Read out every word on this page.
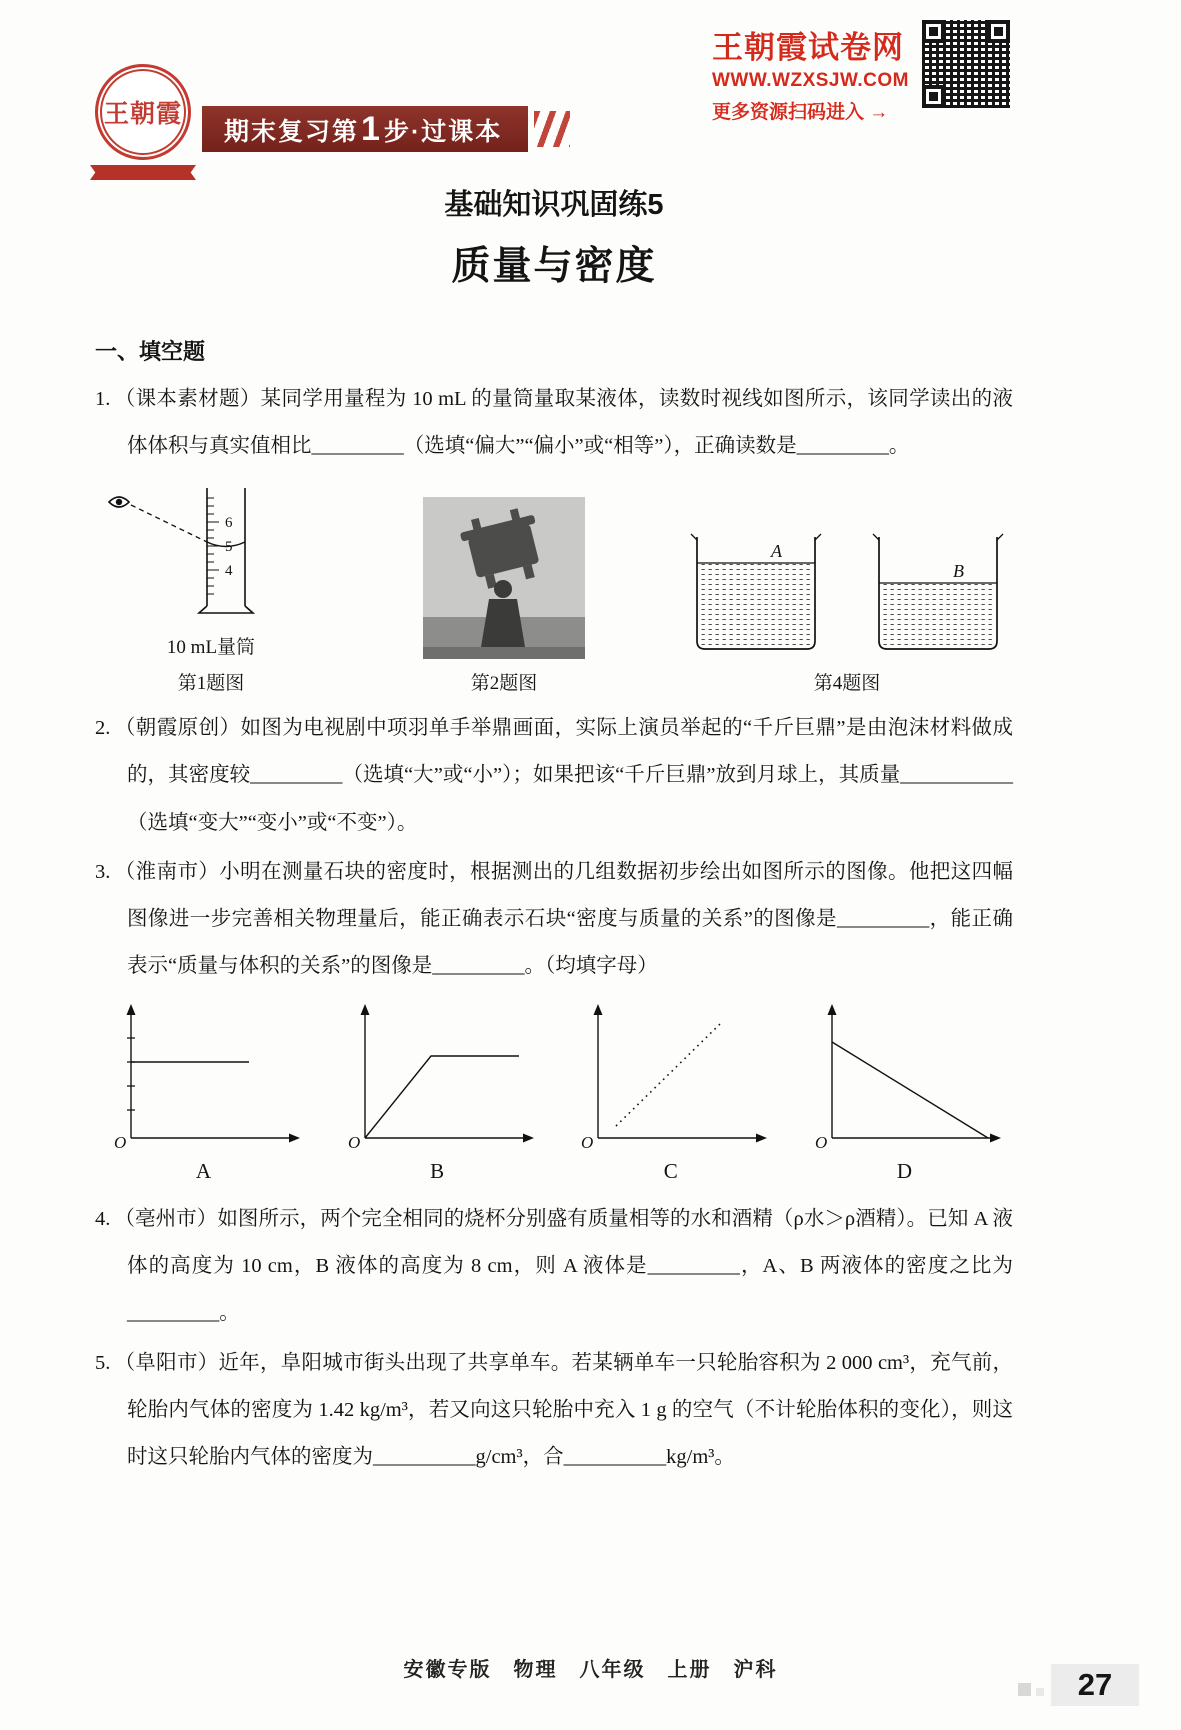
王朝霞
期末复习第1步·过课本
王朝霞试卷网
WWW.WZXSJW.COM
更多资源扫码进入 →
基础知识巩固练5
质量与密度
一、填空题
1. （课本素材题）某同学用量程为 10 mL 的量筒量取某液体，读数时视线如图所示，该同学读出的液体体积与真实值相比_________（选填“偏大”“偏小”或“相等”），正确读数是_________。
6
5
4
10 mL量筒
第1题图	第2题图
A
B
第4题图
2. （朝霞原创）如图为电视剧中项羽单手举鼎画面，实际上演员举起的“千斤巨鼎”是由泡沫材料做成的，其密度较_________（选填“大”或“小”）；如果把该“千斤巨鼎”放到月球上，其质量___________（选填“变大”“变小”或“不变”）。
3. （淮南市）小明在测量石块的密度时，根据测出的几组数据初步绘出如图所示的图像。他把这四幅图像进一步完善相关物理量后，能正确表示石块“密度与质量的关系”的图像是_________，能正确表示“质量与体积的关系”的图像是_________。（均填字母）
O
A
O
B
O
C
O
D
4. （亳州市）如图所示，两个完全相同的烧杯分别盛有质量相等的水和酒精（ρ水＞ρ酒精）。已知 A 液体的高度为 10 cm，B 液体的高度为 8 cm，则 A 液体是_________，A、B 两液体的密度之比为_________。
5. （阜阳市）近年，阜阳城市街头出现了共享单车。若某辆单车一只轮胎容积为 2 000 cm³，充气前，轮胎内气体的密度为 1.42 kg/m³，若又向这只轮胎中充入 1 g 的空气（不计轮胎体积的变化），则这时这只轮胎内气体的密度为__________g/cm³，合__________kg/m³。
安徽专版　物理　八年级　上册　沪科	27
